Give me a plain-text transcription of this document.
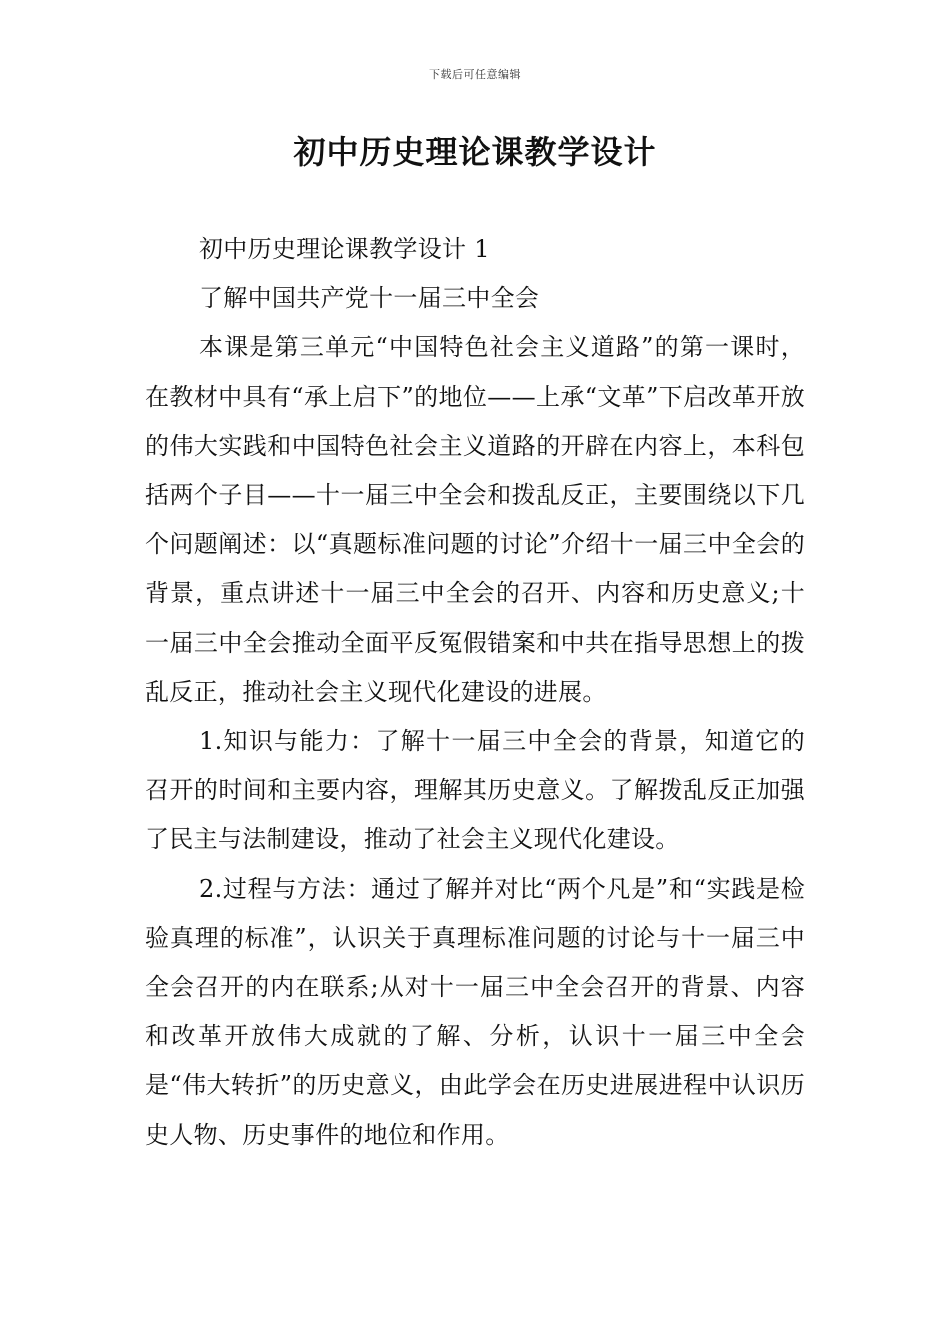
下载后可任意编辑
初中历史理论课教学设计

初中历史理论课教学设计 1

了解中国共产党十一届三中全会

本课是第三单元“中国特色社会主义道路”的第一课时，在教材中具有“承上启下”的地位——上承“文革”下启改革开放的伟大实践和中国特色社会主义道路的开辟在内容上，本科包括两个子目——十一届三中全会和拨乱反正，主要围绕以下几个问题阐述：以“真题标准问题的讨论”介绍十一届三中全会的背景，重点讲述十一届三中全会的召开、内容和历史意义;十一届三中全会推动全面平反冤假错案和中共在指导思想上的拨乱反正，推动社会主义现代化建设的进展。

1.知识与能力：了解十一届三中全会的背景，知道它的召开的时间和主要内容，理解其历史意义。了解拨乱反正加强了民主与法制建设，推动了社会主义现代化建设。

2.过程与方法：通过了解并对比“两个凡是”和“实践是检验真理的标准”，认识关于真理标准问题的讨论与十一届三中全会召开的内在联系;从对十一届三中全会召开的背景、内容和改革开放伟大成就的了解、分析，认识十一届三中全会是“伟大转折”的历史意义，由此学会在历史进展进程中认识历史人物、历史事件的地位和作用。
